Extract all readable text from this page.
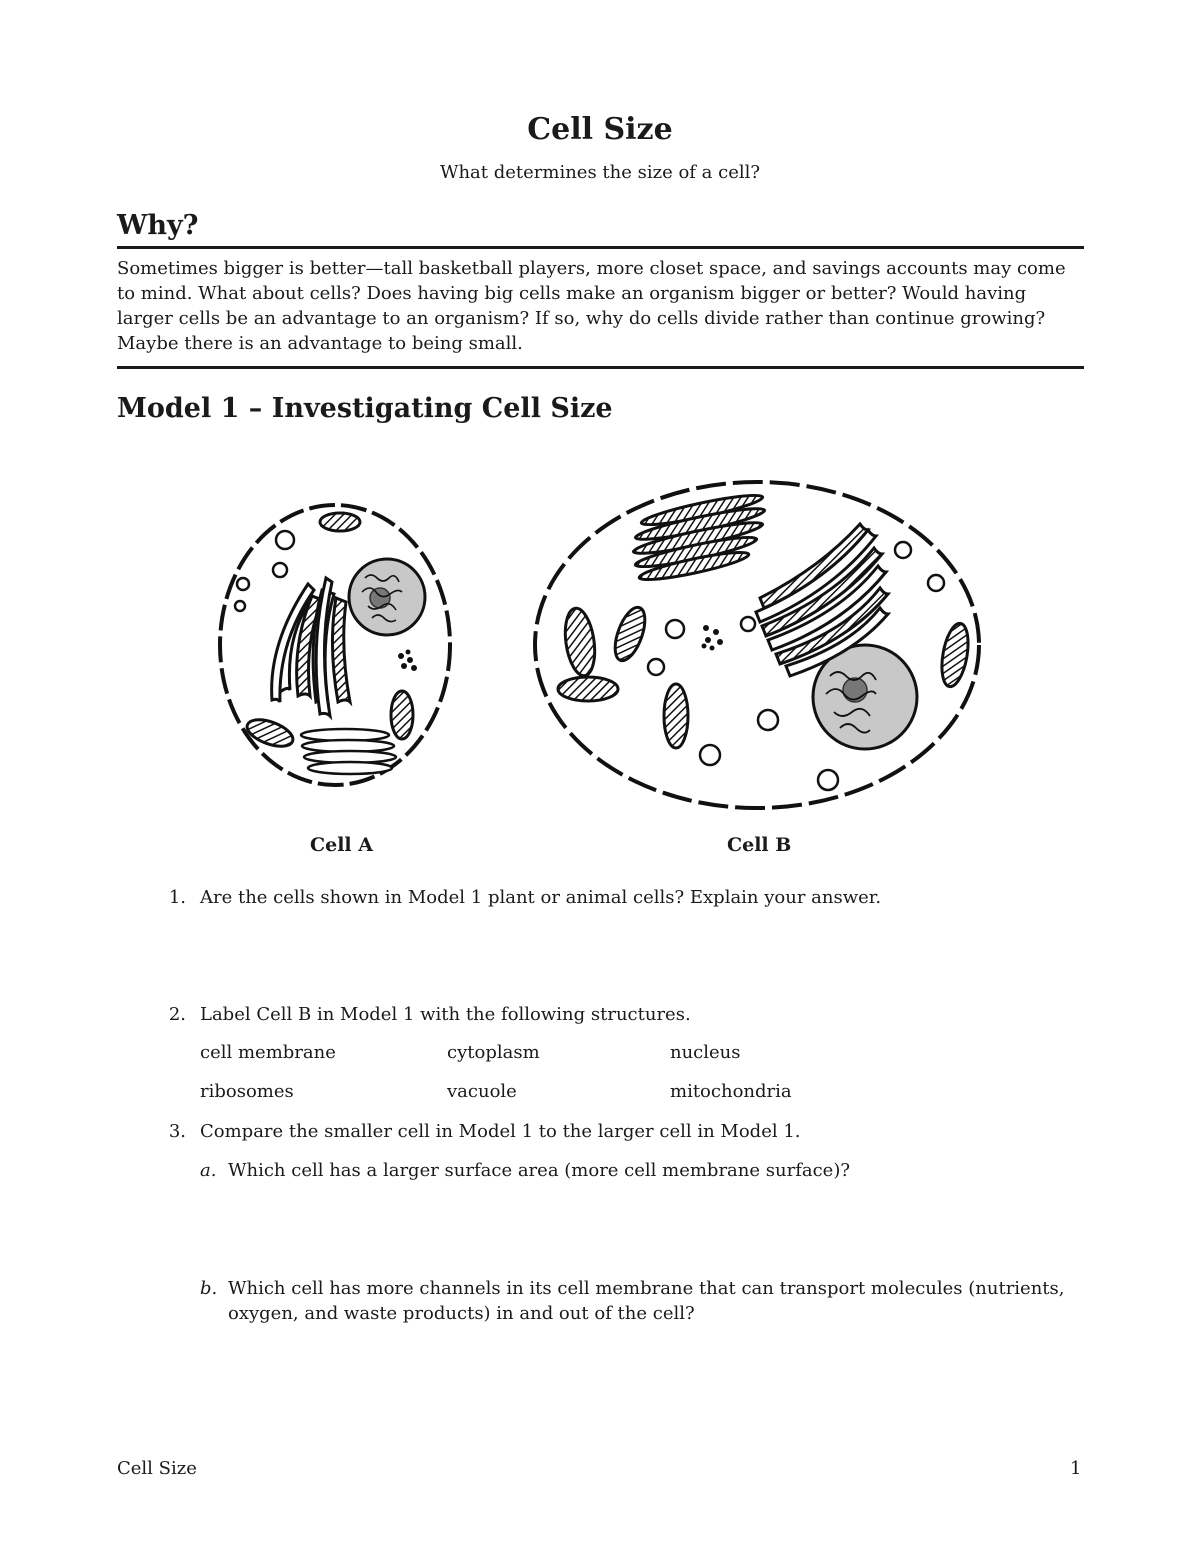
Cell Size
What determines the size of a cell?
Why?

Sometimes bigger is better—tall basketball players, more closet space, and savings accounts may come to mind. What about cells? Does having big cells make an organism bigger or better? Would having larger cells be an advantage to an organism? If so, why do cells divide rather than continue growing? Maybe there is an advantage to being small.

Model 1 – Investigating Cell Size
Cell A	Cell B
1. Are the cells shown in Model 1 plant or animal cells? Explain your answer.
2. Label Cell B in Model 1 with the following structures.
cell membrane	cytoplasm	nucleus
ribosomes	vacuole	mitochondria
3. Compare the smaller cell in Model 1 to the larger cell in Model 1.
a. Which cell has a larger surface area (more cell membrane surface)?
b. Which cell has more channels in its cell membrane that can transport molecules (nutrients, oxygen, and waste products) in and out of the cell?
Cell Size	1
